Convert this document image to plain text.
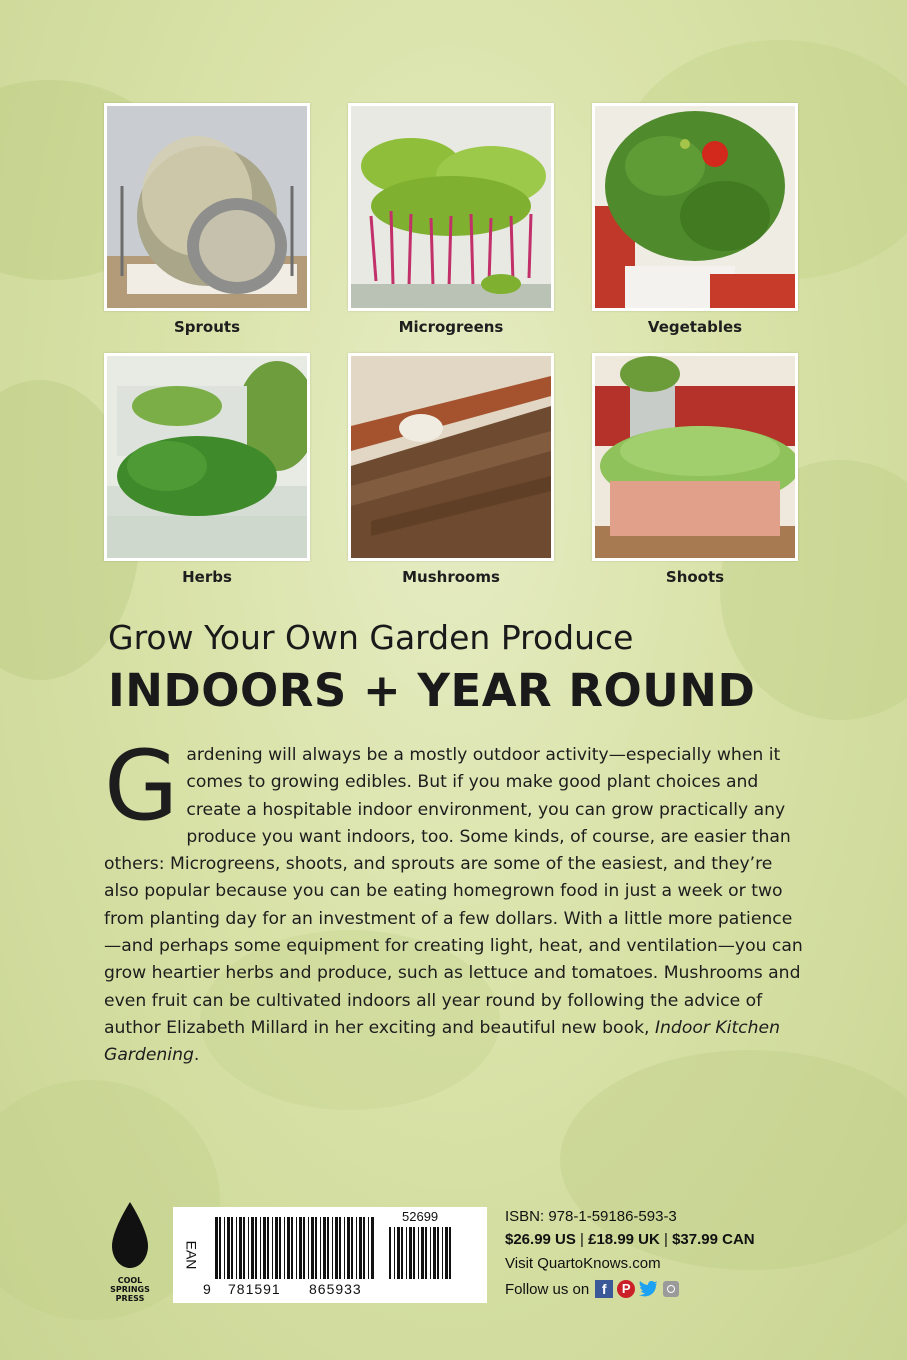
Sprouts	Microgreens	Vegetables
Herbs	Mushrooms	Shoots
Grow Your Own Garden Produce
INDOORS + YEAR ROUND
Gardening will always be a mostly outdoor activity—especially when it comes to growing edibles. But if you make good plant choices and create a hospitable indoor environment, you can grow practically any produce you want indoors, too. Some kinds, of course, are easier than others: Microgreens, shoots, and sprouts are some of the easiest, and they’re also popular because you can be eating homegrown food in just a week or two from planting day for an investment of a few dollars. With a little more patience—and perhaps some equipment for creating light, heat, and ventilation—you can grow heartier herbs and produce, such as lettuce and tomatoes. Mushrooms and even fruit can be cultivated indoors all year round by following the advice of author Elizabeth Millard in her exciting and beautiful new book, Indoor Kitchen Gardening.
COOL
SPRINGS
PRESS
EAN
52699
9 781591 865933
ISBN: 978-1-59186-593-3
$26.99 US | £18.99 UK | $37.99 CAN
Visit QuartoKnows.com
Follow us on f	P
